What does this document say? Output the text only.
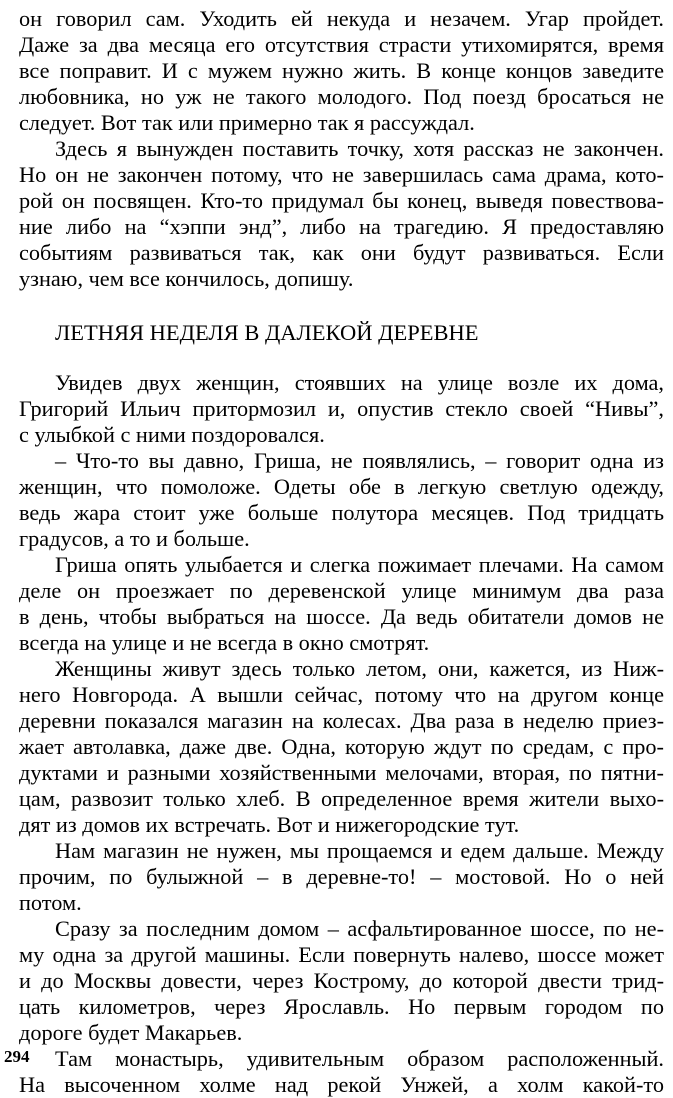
он говорил сам. Уходить ей некуда и незачем. Угар пройдет.
Даже за два месяца его отсутствия страсти утихомирятся, время
все поправит. И с мужем нужно жить. В конце концов заведите
любовника, но уж не такого молодого. Под поезд бросаться не
следует. Вот так или примерно так я рассуждал.
Здесь я вынужден поставить точку, хотя рассказ не закончен.
Но он не закончен потому, что не завершилась сама драма, кото-
рой он посвящен. Кто-то придумал бы конец, выведя повествова-
ние либо на “хэппи энд”, либо на трагедию. Я предоставляю
событиям развиваться так, как они будут развиваться. Если
узнаю, чем все кончилось, допишу.
ЛЕТНЯЯ НЕДЕЛЯ В ДАЛЕКОЙ ДЕРЕВНЕ
Увидев двух женщин, стоявших на улице возле их дома,
Григорий Ильич притормозил и, опустив стекло своей “Нивы”,
с улыбкой с ними поздоровался.
– Что-то вы давно, Гриша, не появлялись, – говорит одна из
женщин, что помоложе. Одеты обе в легкую светлую одежду,
ведь жара стоит уже больше полутора месяцев. Под тридцать
градусов, а то и больше.
Гриша опять улыбается и слегка пожимает плечами. На самом
деле он проезжает по деревенской улице минимум два раза
в день, чтобы выбраться на шоссе. Да ведь обитатели домов не
всегда на улице и не всегда в окно смотрят.
Женщины живут здесь только летом, они, кажется, из Ниж-
него Новгорода. А вышли сейчас, потому что на другом конце
деревни показался магазин на колесах. Два раза в неделю приез-
жает автолавка, даже две. Одна, которую ждут по средам, с про-
дуктами и разными хозяйственными мелочами, вторая, по пятни-
цам, развозит только хлеб. В определенное время жители выхо-
дят из домов их встречать. Вот и нижегородские тут.
Нам магазин не нужен, мы прощаемся и едем дальше. Между
прочим, по булыжной – в деревне-то! – мостовой. Но о ней
потом.
Сразу за последним домом – асфальтированное шоссе, по не-
му одна за другой машины. Если повернуть налево, шоссе может
и до Москвы довести, через Кострому, до которой двести трид-
цать километров, через Ярославль. Но первым городом по
дороге будет Макарьев.
Там монастырь, удивительным образом расположенный.
На высоченном холме над рекой Унжей, а холм какой-то
294
